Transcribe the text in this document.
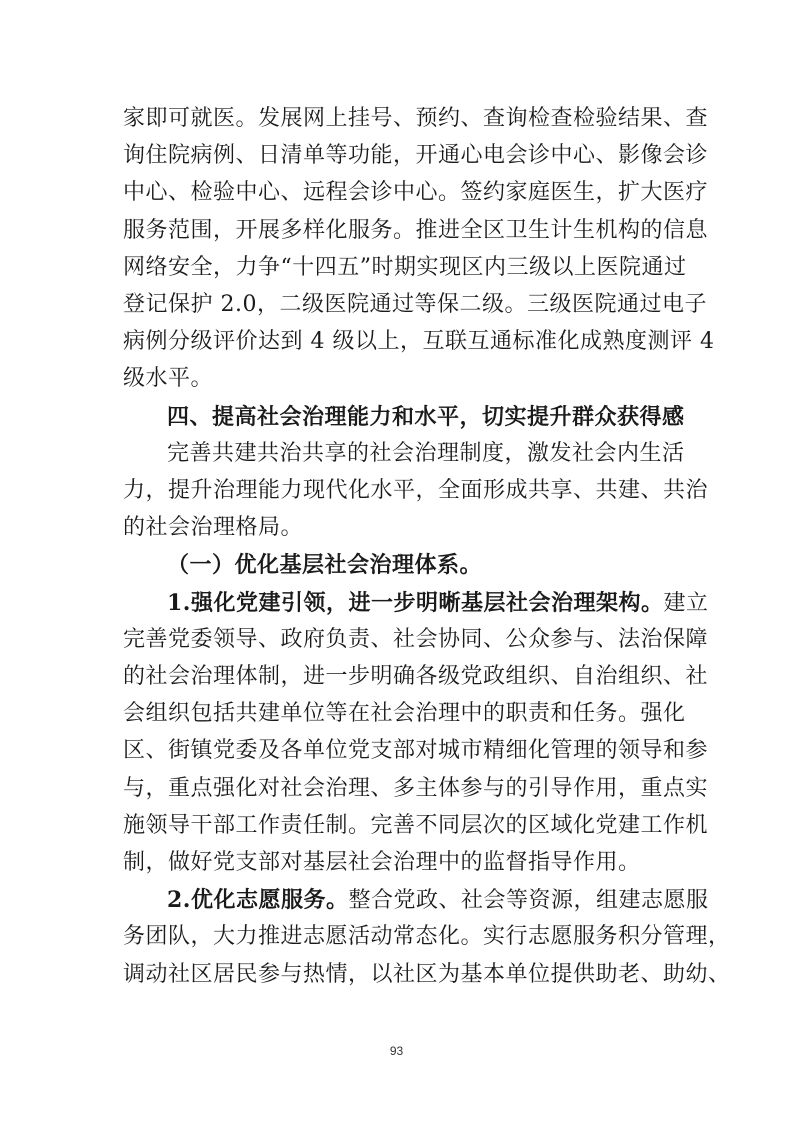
家即可就医。发展网上挂号、预约、查询检查检验结果、查
询住院病例、日清单等功能，开通心电会诊中心、影像会诊
中心、检验中心、远程会诊中心。签约家庭医生，扩大医疗
服务范围，开展多样化服务。推进全区卫生计生机构的信息
网络安全，力争“十四五”时期实现区内三级以上医院通过
登记保护 2.0，二级医院通过等保二级。三级医院通过电子
病例分级评价达到 4 级以上，互联互通标准化成熟度测评 4
级水平。
四、提高社会治理能力和水平，切实提升群众获得感
完善共建共治共享的社会治理制度，激发社会内生活
力，提升治理能力现代化水平，全面形成共享、共建、共治
的社会治理格局。
（一）优化基层社会治理体系。
1.强化党建引领，进一步明晰基层社会治理架构。建立
完善党委领导、政府负责、社会协同、公众参与、法治保障
的社会治理体制，进一步明确各级党政组织、自治组织、社
会组织包括共建单位等在社会治理中的职责和任务。强化
区、街镇党委及各单位党支部对城市精细化管理的领导和参
与，重点强化对社会治理、多主体参与的引导作用，重点实
施领导干部工作责任制。完善不同层次的区域化党建工作机
制，做好党支部对基层社会治理中的监督指导作用。
2.优化志愿服务。整合党政、社会等资源，组建志愿服
务团队，大力推进志愿活动常态化。实行志愿服务积分管理，
调动社区居民参与热情，以社区为基本单位提供助老、助幼、
93
